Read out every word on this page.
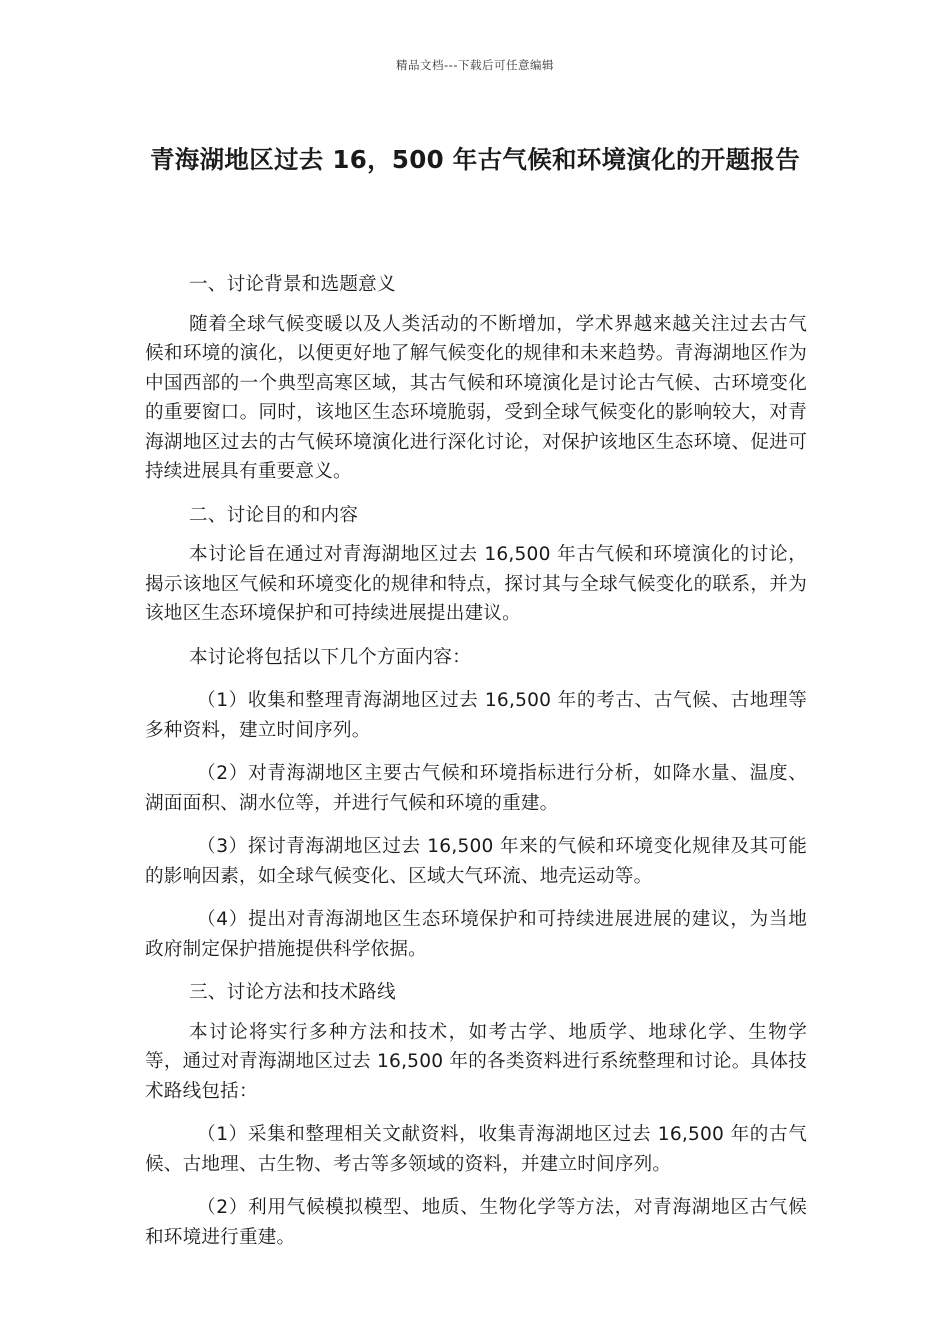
精品文档---下载后可任意编辑
青海湖地区过去 16，500 年古气候和环境演化的开题报告

一、讨论背景和选题意义

随着全球气候变暖以及人类活动的不断增加，学术界越来越关注过去古气候和环境的演化，以便更好地了解气候变化的规律和未来趋势。青海湖地区作为中国西部的一个典型高寒区域，其古气候和环境演化是讨论古气候、古环境变化的重要窗口。同时，该地区生态环境脆弱，受到全球气候变化的影响较大，对青海湖地区过去的古气候环境演化进行深化讨论，对保护该地区生态环境、促进可持续进展具有重要意义。

二、讨论目的和内容

本讨论旨在通过对青海湖地区过去 16,500 年古气候和环境演化的讨论，揭示该地区气候和环境变化的规律和特点，探讨其与全球气候变化的联系，并为该地区生态环境保护和可持续进展提出建议。

本讨论将包括以下几个方面内容：

（1）收集和整理青海湖地区过去 16,500 年的考古、古气候、古地理等多种资料，建立时间序列。

（2）对青海湖地区主要古气候和环境指标进行分析，如降水量、温度、湖面面积、湖水位等，并进行气候和环境的重建。

（3）探讨青海湖地区过去 16,500 年来的气候和环境变化规律及其可能的影响因素，如全球气候变化、区域大气环流、地壳运动等。

（4）提出对青海湖地区生态环境保护和可持续进展进展的建议，为当地政府制定保护措施提供科学依据。

三、讨论方法和技术路线

本讨论将实行多种方法和技术，如考古学、地质学、地球化学、生物学等，通过对青海湖地区过去 16,500 年的各类资料进行系统整理和讨论。具体技术路线包括：

（1）采集和整理相关文献资料，收集青海湖地区过去 16,500 年的古气候、古地理、古生物、考古等多领域的资料，并建立时间序列。

（2）利用气候模拟模型、地质、生物化学等方法，对青海湖地区古气候和环境进行重建。
